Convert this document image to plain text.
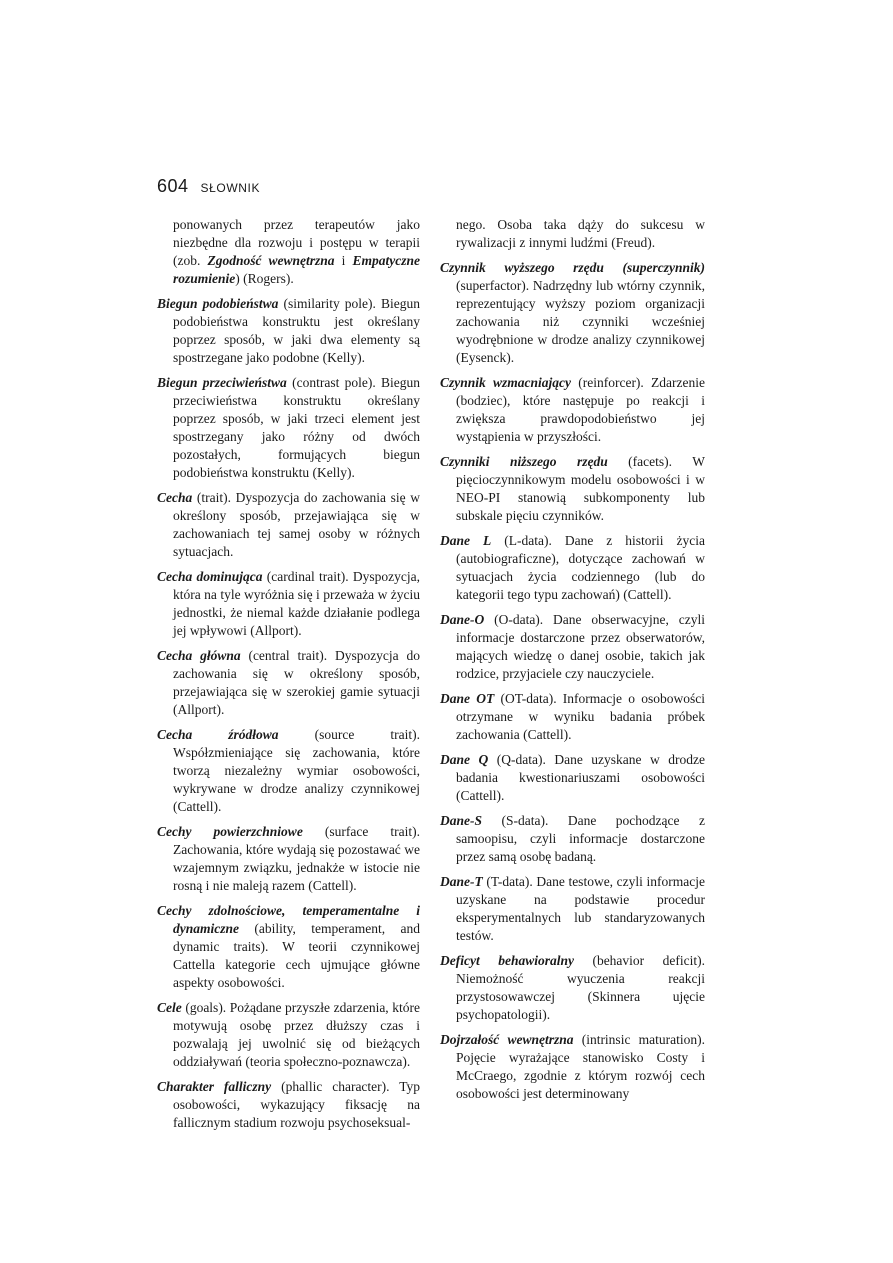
604 SŁOWNIK

ponowanych przez terapeutów jako niezbędne dla rozwoju i postępu w terapii (zob. Zgodność wewnętrzna i Empatyczne rozumienie) (Rogers).

Biegun podobieństwa (similarity pole). Biegun podobieństwa konstruktu jest określany poprzez sposób, w jaki dwa elementy są spostrzegane jako podobne (Kelly).

Biegun przeciwieństwa (contrast pole). Biegun przeciwieństwa konstruktu określany poprzez sposób, w jaki trzeci element jest spostrzegany jako różny od dwóch pozostałych, formujących biegun podobieństwa konstruktu (Kelly).

Cecha (trait). Dyspozycja do zachowania się w określony sposób, przejawiająca się w zachowaniach tej samej osoby w różnych sytuacjach.

Cecha dominująca (cardinal trait). Dyspozycja, która na tyle wyróżnia się i przeważa w życiu jednostki, że niemal każde działanie podlega jej wpływowi (Allport).

Cecha główna (central trait). Dyspozycja do zachowania się w określony sposób, przejawiająca się w szerokiej gamie sytuacji (Allport).

Cecha źródłowa (source trait). Współzmieniające się zachowania, które tworzą niezależny wymiar osobowości, wykrywane w drodze analizy czynnikowej (Cattell).

Cechy powierzchniowe (surface trait). Zachowania, które wydają się pozostawać we wzajemnym związku, jednakże w istocie nie rosną i nie maleją razem (Cattell).

Cechy zdolnościowe, temperamentalne i dynamiczne (ability, temperament, and dynamic traits). W teorii czynnikowej Cattella kategorie cech ujmujące główne aspekty osobowości.

Cele (goals). Pożądane przyszłe zdarzenia, które motywują osobę przez dłuższy czas i pozwalają jej uwolnić się od bieżących oddziaływań (teoria społeczno-poznawcza).

Charakter falliczny (phallic character). Typ osobowości, wykazujący fiksację na fallicznym stadium rozwoju psychoseksual-

nego. Osoba taka dąży do sukcesu w rywalizacji z innymi ludźmi (Freud).

Czynnik wyższego rzędu (superczynnik) (superfactor). Nadrzędny lub wtórny czynnik, reprezentujący wyższy poziom organizacji zachowania niż czynniki wcześniej wyodrębnione w drodze analizy czynnikowej (Eysenck).

Czynnik wzmacniający (reinforcer). Zdarzenie (bodziec), które następuje po reakcji i zwiększa prawdopodobieństwo jej wystąpienia w przyszłości.

Czynniki niższego rzędu (facets). W pięcioczynnikowym modelu osobowości i w NEO-PI stanowią subkomponenty lub subskale pięciu czynników.

Dane L (L-data). Dane z historii życia (autobiograficzne), dotyczące zachowań w sytuacjach życia codziennego (lub do kategorii tego typu zachowań) (Cattell).

Dane-O (O-data). Dane obserwacyjne, czyli informacje dostarczone przez obserwatorów, mających wiedzę o danej osobie, takich jak rodzice, przyjaciele czy nauczyciele.

Dane OT (OT-data). Informacje o osobowości otrzymane w wyniku badania próbek zachowania (Cattell).

Dane Q (Q-data). Dane uzyskane w drodze badania kwestionariuszami osobowości (Cattell).

Dane-S (S-data). Dane pochodzące z samoopisu, czyli informacje dostarczone przez samą osobę badaną.

Dane-T (T-data). Dane testowe, czyli informacje uzyskane na podstawie procedur eksperymentalnych lub standaryzowanych testów.

Deficyt behawioralny (behavior deficit). Niemożność wyuczenia reakcji przystosowawczej (Skinnera ujęcie psychopatologii).

Dojrzałość wewnętrzna (intrinsic maturation). Pojęcie wyrażające stanowisko Costy i McCraego, zgodnie z którym rozwój cech osobowości jest determinowany
